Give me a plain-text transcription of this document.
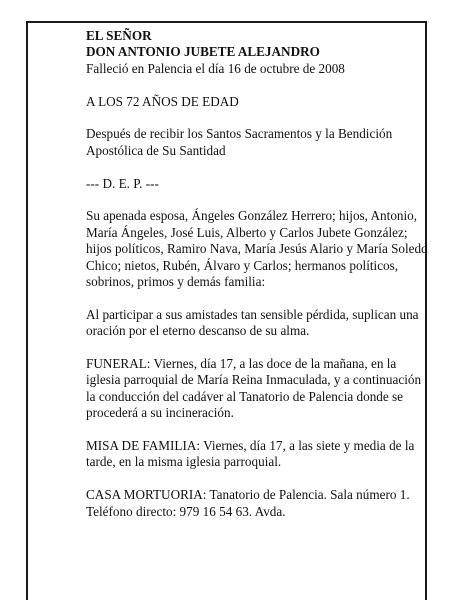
EL SEÑOR

DON ANTONIO JUBETE ALEJANDRO

Falleció en Palencia el día 16 de octubre de 2008

A LOS 72 AÑOS DE EDAD

Después de recibir los Santos Sacramentos y la Bendición Apostólica de Su Santidad

--- D. E. P. ---

Su apenada esposa, Ángeles González Herrero; hijos, Antonio, María Ángeles, José Luis, Alberto y Carlos Jubete González; hijos políticos, Ramiro Nava, María Jesús Alario y María Soledd Chico; nietos, Rubén, Álvaro y Carlos; hermanos políticos, sobrinos, primos y demás familia:

Al participar a sus amistades tan sensible pérdida, suplican una oración por el eterno descanso de su alma.

FUNERAL: Viernes, día 17, a las doce de la mañana, en la iglesia parroquial de María Reina Inmaculada, y a continuación la conducción del cadáver al Tanatorio de Palencia donde se procederá a su incineración.

MISA DE FAMILIA: Viernes, día 17, a las siete y media de la tarde, en la misma iglesia parroquial.

CASA MORTUORIA: Tanatorio de Palencia. Sala número 1. Teléfono directo: 979 16 54 63. Avda.
